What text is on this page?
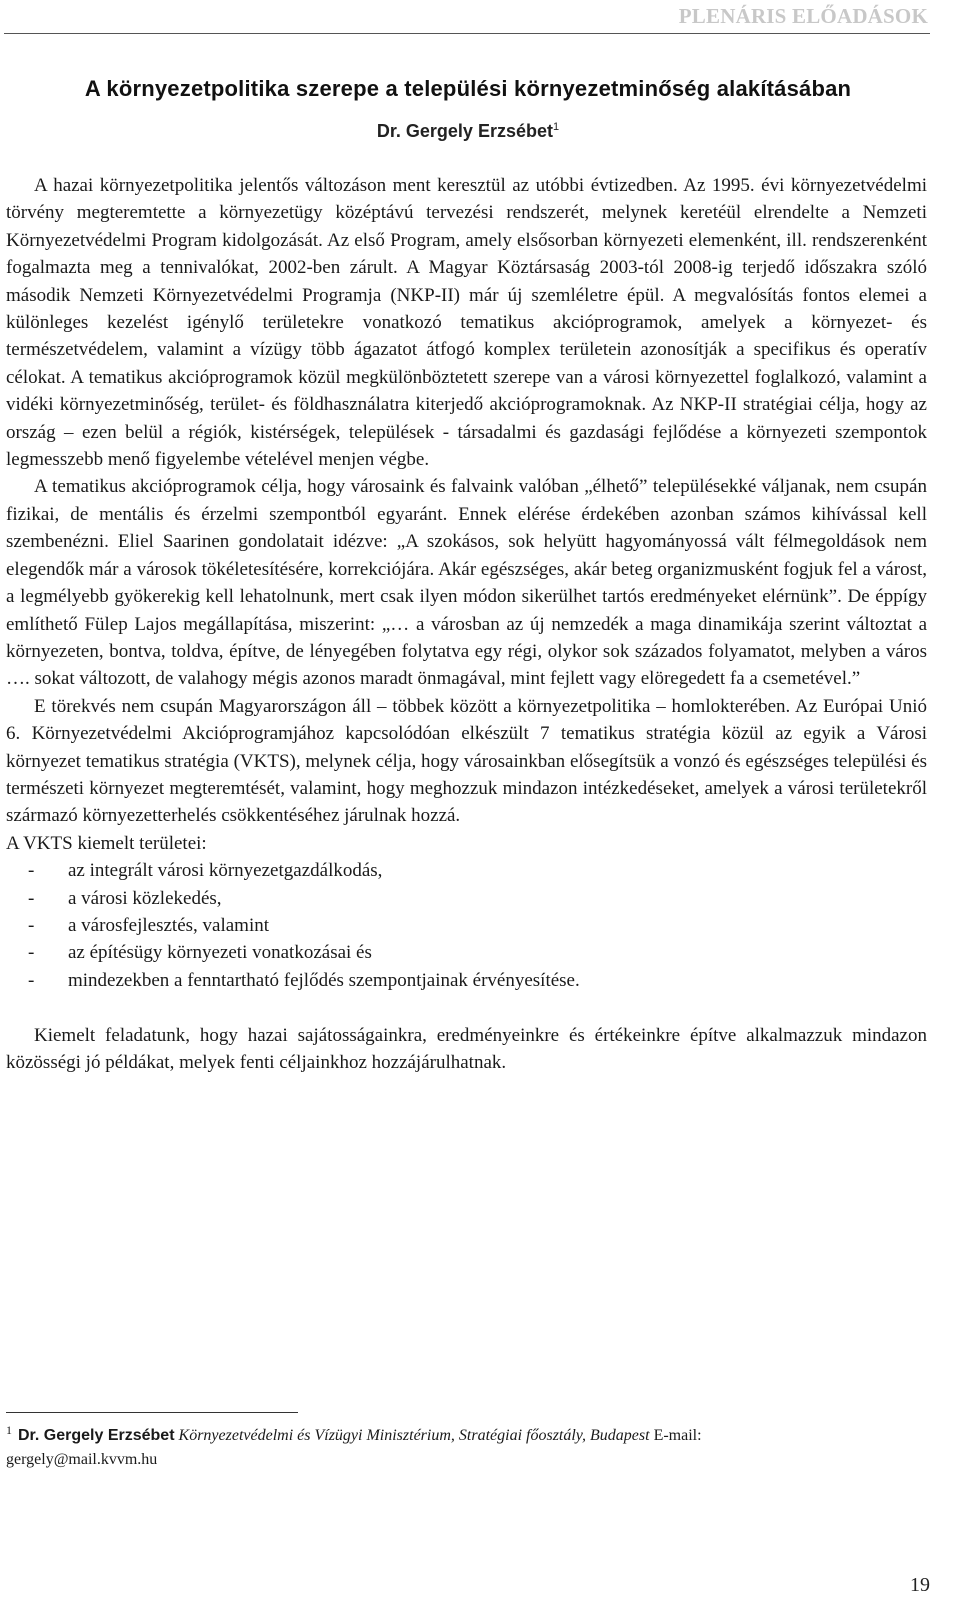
PLENÁRIS ELŐADÁSOK
A környezetpolitika szerepe a települési környezetminőség alakításában
Dr. Gergely Erzsébet$^1$

A hazai környezetpolitika jelentős változáson ment keresztül az utóbbi évtizedben. Az 1995. évi környezetvédelmi törvény megteremtette a környezetügy középtávú tervezési rendszerét, melynek keretéül elrendelte a Nemzeti Környezetvédelmi Program kidolgozását. Az első Program, amely elsősorban környezeti elemenként, ill. rendszerenként fogalmazta meg a tennivalókat, 2002-ben zárult. A Magyar Köztársaság 2003-tól 2008-ig terjedő időszakra szóló második Nemzeti Környezetvédelmi Programja (NKP-II) már új szemléletre épül. A megvalósítás fontos elemei a különleges kezelést igénylő területekre vonatkozó tematikus akcióprogramok, amelyek a környezet- és természetvédelem, valamint a vízügy több ágazatot átfogó komplex területein azonosítják a specifikus és operatív célokat. A tematikus akcióprogramok közül megkülönböztetett szerepe van a városi környezettel foglalkozó, valamint a vidéki környezetminőség, terület- és földhasználatra kiterjedő akcióprogramoknak. Az NKP-II stratégiai célja, hogy az ország – ezen belül a régiók, kistérségek, települések - társadalmi és gazdasági fejlődése a környezeti szempontok legmesszebb menő figyelembe vételével menjen végbe.

A tematikus akcióprogramok célja, hogy városaink és falvaink valóban „élhető” településekké váljanak, nem csupán fizikai, de mentális és érzelmi szempontból egyaránt. Ennek elérése érdekében azonban számos kihívással kell szembenézni. Eliel Saarinen gondolatait idézve: „A szokásos, sok helyütt hagyományossá vált félmegoldások nem elegendők már a városok tökéletesítésére, korrekciójára. Akár egészséges, akár beteg organizmusként fogjuk fel a várost, a legmélyebb gyökerekig kell lehatolnunk, mert csak ilyen módon sikerülhet tartós eredményeket elérnünk”. De éppígy említhető Fülep Lajos megállapítása, miszerint: „… a városban az új nemzedék a maga dinamikája szerint változtat a környezeten, bontva, toldva, építve, de lényegében folytatva egy régi, olykor sok százados folyamatot, melyben a város …. sokat változott, de valahogy mégis azonos maradt önmagával, mint fejlett vagy elöregedett fa a csemetével.”

E törekvés nem csupán Magyarországon áll – többek között a környezetpolitika – homlokterében. Az Európai Unió 6. Környezetvédelmi Akcióprogramjához kapcsolódóan elkészült 7 tematikus stratégia közül az egyik a Városi környezet tematikus stratégia (VKTS), melynek célja, hogy városainkban elősegítsük a vonzó és egészséges települési és természeti környezet megteremtését, valamint, hogy meghozzuk mindazon intézkedéseket, amelyek a városi területekről származó környezetterhelés csökkentéséhez járulnak hozzá.

A VKTS kiemelt területei:

- az integrált városi környezetgazdálkodás,
- a városi közlekedés,
- a városfejlesztés, valamint
- az építésügy környezeti vonatkozásai és
- mindezekben a fenntartható fejlődés szempontjainak érvényesítése.

Kiemelt feladatunk, hogy hazai sajátosságainkra, eredményeinkre és értékeinkre építve alkalmazzuk mindazon közösségi jó példákat, melyek fenti céljainkhoz hozzájárulhatnak.

$^1$ Dr. Gergely Erzsébet Környezetvédelmi és Vízügyi Minisztérium, Stratégiai főosztály, Budapest E-mail:
gergely@mail.kvvm.hu
19
